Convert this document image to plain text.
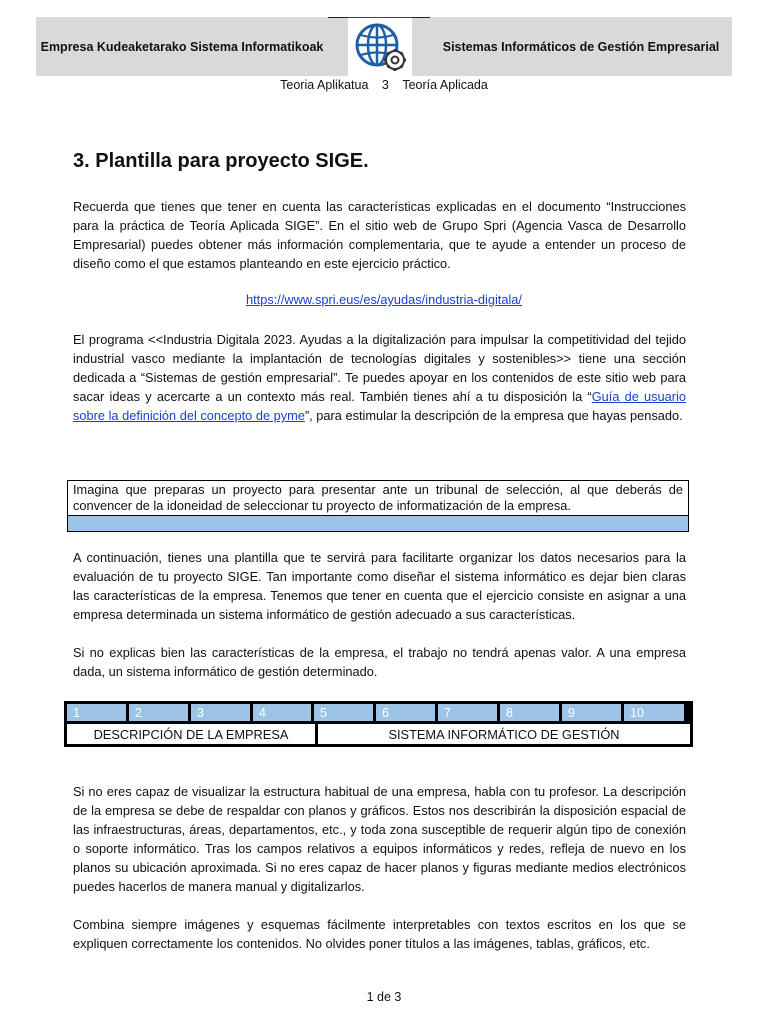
Empresa Kudeaketarako Sistema Informatikoak	Sistemas Informáticos de Gestión Empresarial
Teoria Aplikatua 3 Teoría Aplicada
3. Plantilla para proyecto SIGE.

Recuerda que tienes que tener en cuenta las características explicadas en el documento “Instrucciones para la práctica de Teoría Aplicada SIGE”. En el sitio web de Grupo Spri (Agencia Vasca de Desarrollo Empresarial) puedes obtener más información complementaria, que te ayude a entender un proceso de diseño como el que estamos planteando en este ejercicio práctico.

https://www.spri.eus/es/ayudas/industria-digitala/

El programa <<Industria Digitala 2023. Ayudas a la digitalización para impulsar la competitividad del tejido industrial vasco mediante la implantación de tecnologías digitales y sostenibles>> tiene una sección dedicada a “Sistemas de gestión empresarial”. Te puedes apoyar en los contenidos de este sitio web para sacar ideas y acercarte a un contexto más real. También tienes ahí a tu disposición la “Guía de usuario sobre la definición del concepto de pyme”, para estimular la descripción de la empresa que hayas pensado.

Imagina que preparas un proyecto para presentar ante un tribunal de selección, al que deberás de convencer de la idoneidad de seleccionar tu proyecto de informatización de la empresa.

A continuación, tienes una plantilla que te servirá para facilitarte organizar los datos necesarios para la evaluación de tu proyecto SIGE. Tan importante como diseñar el sistema informático es dejar bien claras las características de la empresa. Tenemos que tener en cuenta que el ejercicio consiste en asignar a una empresa determinada un sistema informático de gestión adecuado a sus características.

Si no explicas bien las características de la empresa, el trabajo no tendrá apenas valor. A una empresa dada, un sistema informático de gestión determinado.

1	2	3	4	5	6	7	8	9	10
DESCRIPCIÓN DE LA EMPRESA	SISTEMA INFORMÁTICO DE GESTIÓN

Si no eres capaz de visualizar la estructura habitual de una empresa, habla con tu profesor. La descripción de la empresa se debe de respaldar con planos y gráficos. Estos nos describirán la disposición espacial de las infraestructuras, áreas, departamentos, etc., y toda zona susceptible de requerir algún tipo de conexión o soporte informático. Tras los campos relativos a equipos informáticos y redes, refleja de nuevo en los planos su ubicación aproximada. Si no eres capaz de hacer planos y figuras mediante medios electrónicos puedes hacerlos de manera manual y digitalizarlos.

Combina siempre imágenes y esquemas fácilmente interpretables con textos escritos en los que se expliquen correctamente los contenidos. No olvides poner títulos a las imágenes, tablas, gráficos, etc.

1 de 3
